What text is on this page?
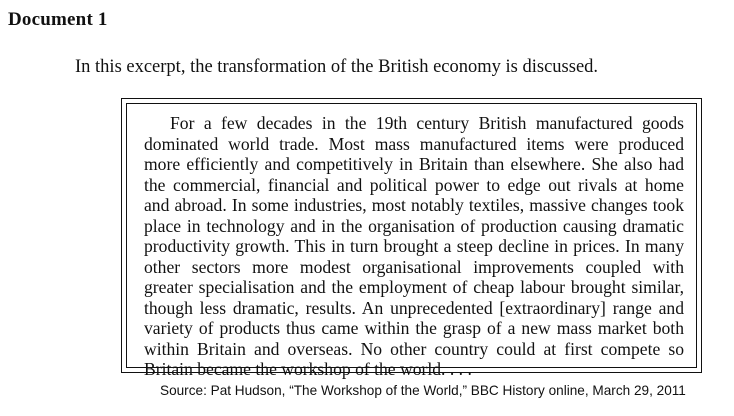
Document 1
In this excerpt, the transformation of the British economy is discussed.

For a few decades in the 19th century British manufactured goods
dominated world trade. Most mass manufactured items were produced
more efficiently and competitively in Britain than elsewhere. She also had
the commercial, financial and political power to edge out rivals at home
and abroad. In some industries, most notably textiles, massive changes took
place in technology and in the organisation of production causing dramatic
productivity growth. This in turn brought a steep decline in prices. In many
other sectors more modest organisational improvements coupled with
greater specialisation and the employment of cheap labour brought similar,
though less dramatic, results. An unprecedented [extraordinary] range and
variety of products thus came within the grasp of a new mass market both
within Britain and overseas. No other country could at first compete so
Britain became the workshop of the world. . . .

Source: Pat Hudson, “The Workshop of the World,” BBC History online, March 29, 2011
